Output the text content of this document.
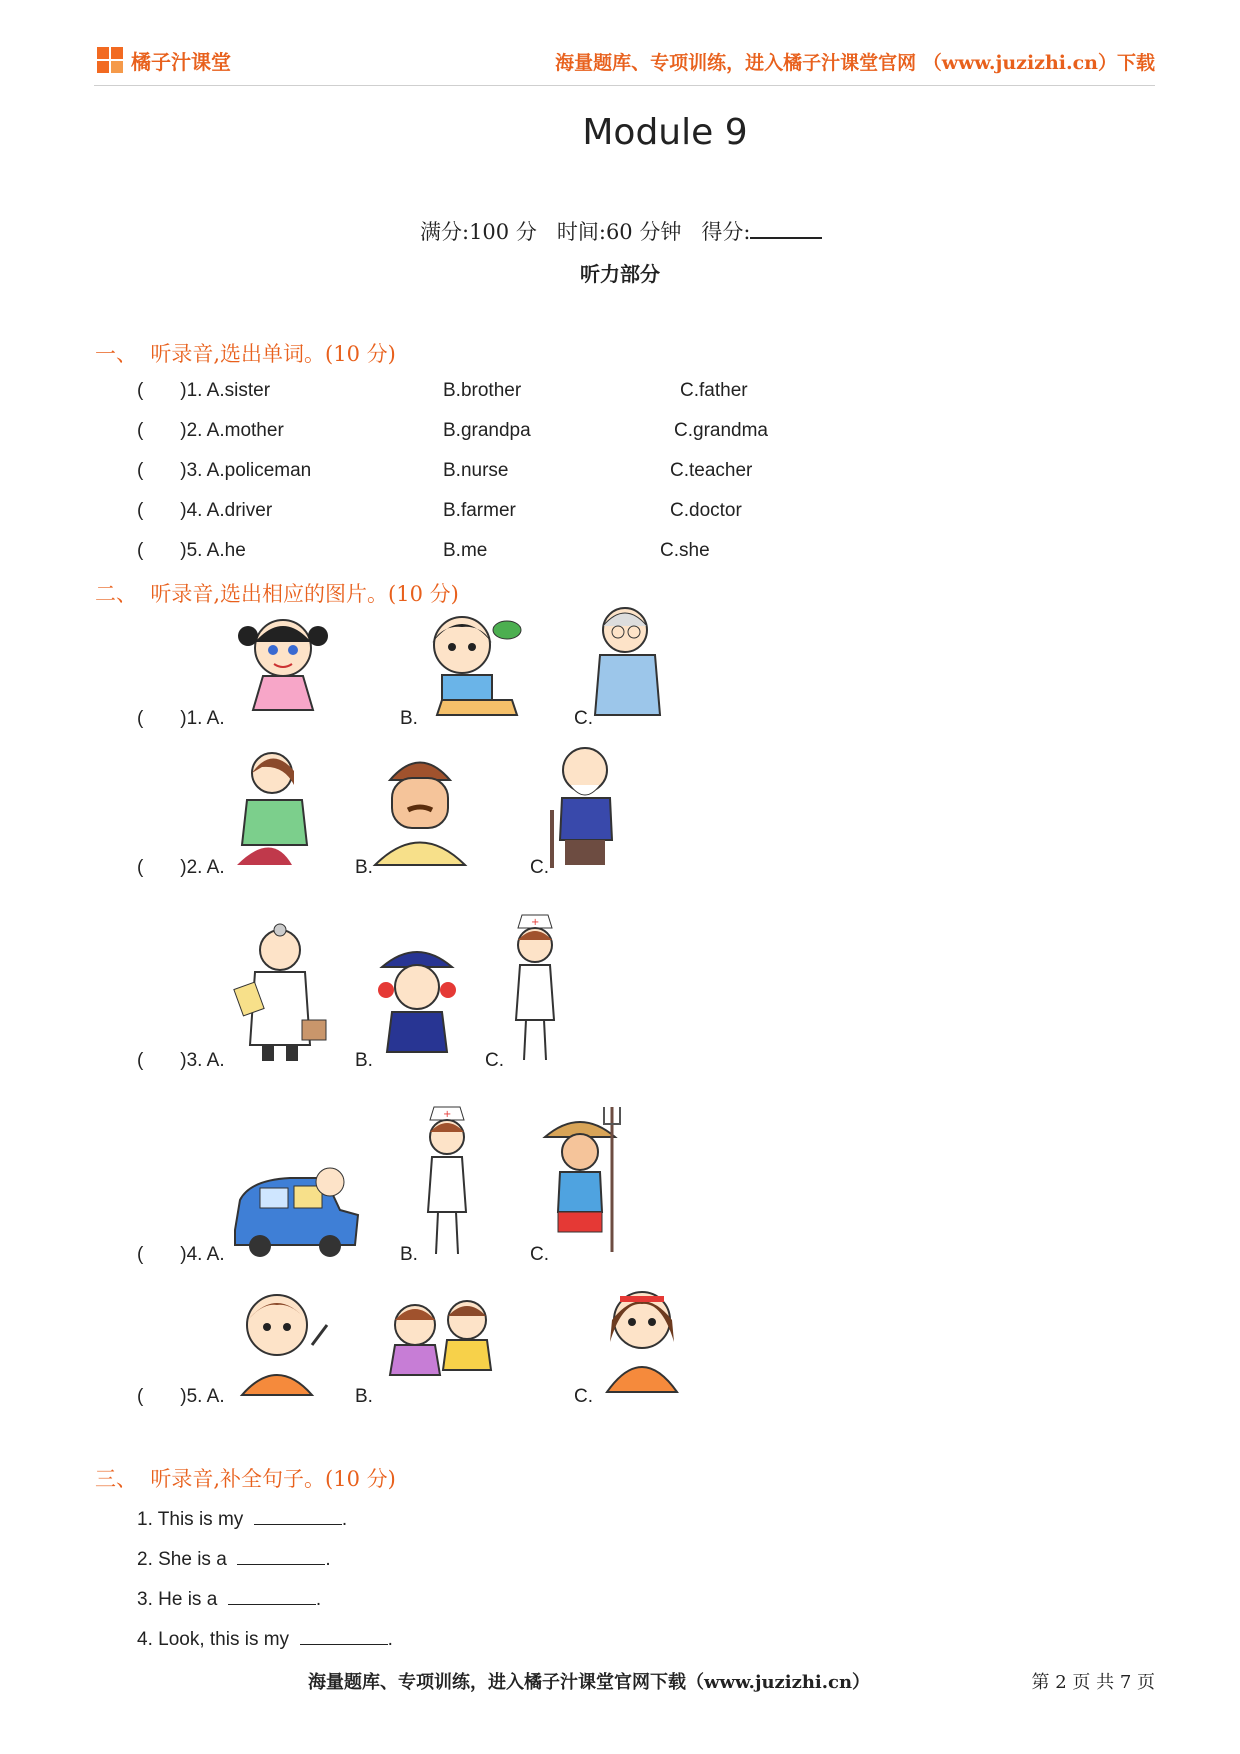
橘子汁课堂	海量题库、专项训练，进入橘子汁课堂官网 （www.juzizhi.cn）下载
Module 9
满分:100 分 时间:60 分钟 得分:
听力部分
一、  听录音,选出单词。(10 分)
(       )1. A.sister	B.brother	C.father
(       )2. A.mother	B.grandpa	C.grandma
(       )3. A.policeman	B.nurse	C.teacher
(       )4. A.driver	B.farmer	C.doctor
(       )5. A.he	B.me	C.she
二、  听录音,选出相应的图片。(10 分)
(       )1. A.	B.	C.
(       )2. A.	B.	C.
(       )3. A.	B.	C.
+
(       )4. A.	B.	C.
+
(       )5. A.	B.	C.
三、  听录音,补全句子。(10 分)
1. This is my	.
2. She is a	.
3. He is a	.
4. Look, this is my	.
海量题库、专项训练，进入橘子汁课堂官网下载（www.juzizhi.cn）	第 2 页 共 7 页
